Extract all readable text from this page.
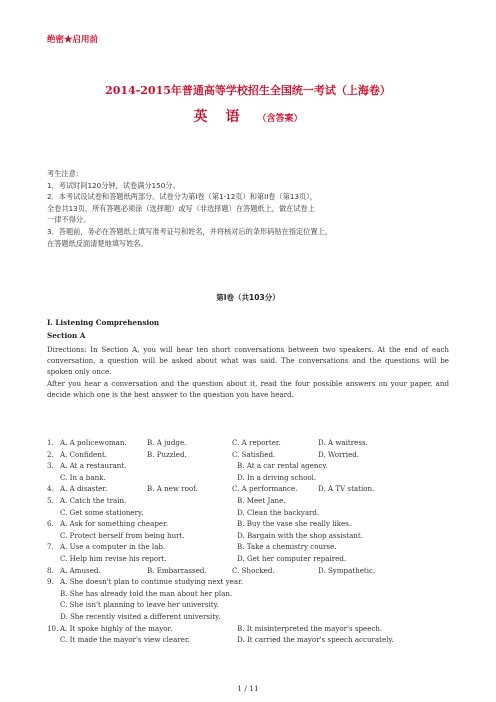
绝密★启用前
2014-2015年普通高等学校招生全国统一考试（上海卷）
英语（含答案）
考生注意：
1．考试时间120分钟，试卷满分150分。
2．本考试设试卷和答题纸两部分。试卷分为第I卷（第1-12页）和第II卷（第13页），
全卷共13页。所有答题必须涂（选择题）或写（非选择题）在答题纸上，做在试卷上
一律不得分。
3．答题前，务必在答题纸上填写准考证号和姓名，并将核对后的条形码贴在指定位置上，
在答题纸反面清楚地填写姓名。
第I卷（共103分）
I. Listening Comprehension
Section A

Directions: In Section A, you will hear ten short conversations between two speakers. At the end of each conversation, a question will be asked about what was said. The conversations and the questions will be spoken only once.

After you hear a conversation and the question about it, read the four possible answers on your paper, and decide which one is the best answer to the question you have heard.

1. A. A policewoman.	B. A judge.	C. A reporter.	D. A waitress.
2. A. Confident.	B. Puzzled.	C. Satisfied.	D. Worried.
3. A. At a restaurant.	B. At a car rental agency.
C. In a bank.	D. In a driving school.
4. A. A disaster.	B. A new roof.	C. A performance.	D. A TV station.
5. A. Catch the train.	B. Meet Jane.
C. Get some stationery.	D. Clean the backyard.
6. A. Ask for something cheaper.	B. Buy the vase she really likes.
C. Protect herself from being hurt.	D. Bargain with the shop assistant.
7. A. Use a computer in the lab.	B. Take a chemistry course.
C. Help him revise his report.	D. Get her computer repaired.
8. A. Amused.	B. Embarrassed.	C. Shocked.	D. Sympathetic.
9. A. She doesn't plan to continue studying next year.
B. She has already told the man about her plan.
C. She isn't planning to leave her university.
D. She recently visited a different university.
10. A. It spoke highly of the mayor.	B. It misinterpreted the mayor's speech.
C. It made the mayor's view clearer.	D. It carried the mayor's speech accurately.
1 / 11
